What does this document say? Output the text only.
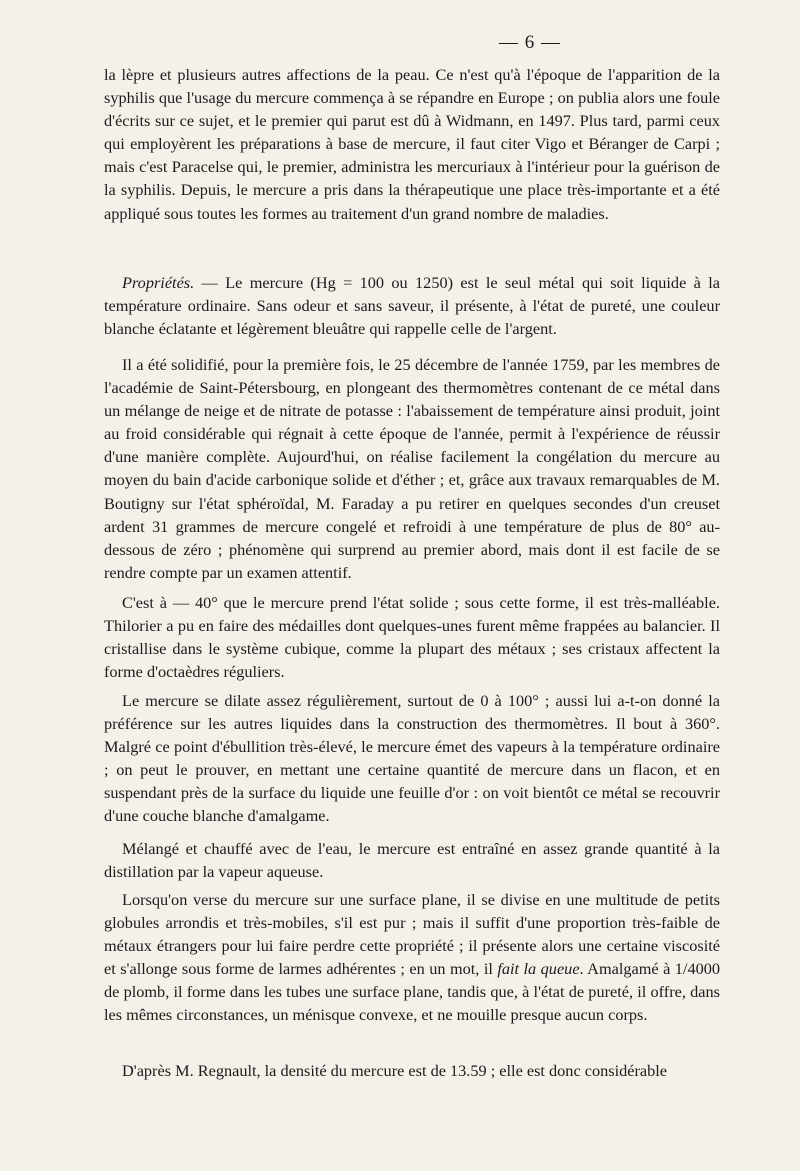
— 6 —

la lèpre et plusieurs autres affections de la peau. Ce n'est qu'à l'époque de l'apparition de la syphilis que l'usage du mercure commença à se répandre en Europe ; on publia alors une foule d'écrits sur ce sujet, et le premier qui parut est dû à Widmann, en 1497. Plus tard, parmi ceux qui employèrent les préparations à base de mercure, il faut citer Vigo et Béranger de Carpi ; mais c'est Paracelse qui, le premier, administra les mercuriaux à l'intérieur pour la guérison de la syphilis. Depuis, le mercure a pris dans la thérapeutique une place très-importante et a été appliqué sous toutes les formes au traitement d'un grand nombre de maladies.

Propriétés. — Le mercure (Hg = 100 ou 1250) est le seul métal qui soit liquide à la température ordinaire. Sans odeur et sans saveur, il présente, à l'état de pureté, une couleur blanche éclatante et légèrement bleuâtre qui rappelle celle de l'argent.

Il a été solidifié, pour la première fois, le 25 décembre de l'année 1759, par les membres de l'académie de Saint-Pétersbourg, en plongeant des thermomètres contenant de ce métal dans un mélange de neige et de nitrate de potasse : l'abaissement de température ainsi produit, joint au froid considérable qui régnait à cette époque de l'année, permit à l'expérience de réussir d'une manière complète. Aujourd'hui, on réalise facilement la congélation du mercure au moyen du bain d'acide carbonique solide et d'éther ; et, grâce aux travaux remarquables de M. Boutigny sur l'état sphéroïdal, M. Faraday a pu retirer en quelques secondes d'un creuset ardent 31 grammes de mercure congelé et refroidi à une température de plus de 80° au-dessous de zéro ; phénomène qui surprend au premier abord, mais dont il est facile de se rendre compte par un examen attentif.

C'est à — 40° que le mercure prend l'état solide ; sous cette forme, il est très-malléable. Thilorier a pu en faire des médailles dont quelques-unes furent même frappées au balancier. Il cristallise dans le système cubique, comme la plupart des métaux ; ses cristaux affectent la forme d'octaèdres réguliers.

Le mercure se dilate assez régulièrement, surtout de 0 à 100° ; aussi lui a-t-on donné la préférence sur les autres liquides dans la construction des thermomètres. Il bout à 360°. Malgré ce point d'ébullition très-élevé, le mercure émet des vapeurs à la température ordinaire ; on peut le prouver, en mettant une certaine quantité de mercure dans un flacon, et en suspendant près de la surface du liquide une feuille d'or : on voit bientôt ce métal se recouvrir d'une couche blanche d'amalgame.

Mélangé et chauffé avec de l'eau, le mercure est entraîné en assez grande quantité à la distillation par la vapeur aqueuse.

Lorsqu'on verse du mercure sur une surface plane, il se divise en une multitude de petits globules arrondis et très-mobiles, s'il est pur ; mais il suffit d'une proportion très-faible de métaux étrangers pour lui faire perdre cette propriété ; il présente alors une certaine viscosité et s'allonge sous forme de larmes adhérentes ; en un mot, il fait la queue. Amalgamé à 1/4000 de plomb, il forme dans les tubes une surface plane, tandis que, à l'état de pureté, il offre, dans les mêmes circonstances, un ménisque convexe, et ne mouille presque aucun corps.

D'après M. Regnault, la densité du mercure est de 13.59 ; elle est donc considérable
